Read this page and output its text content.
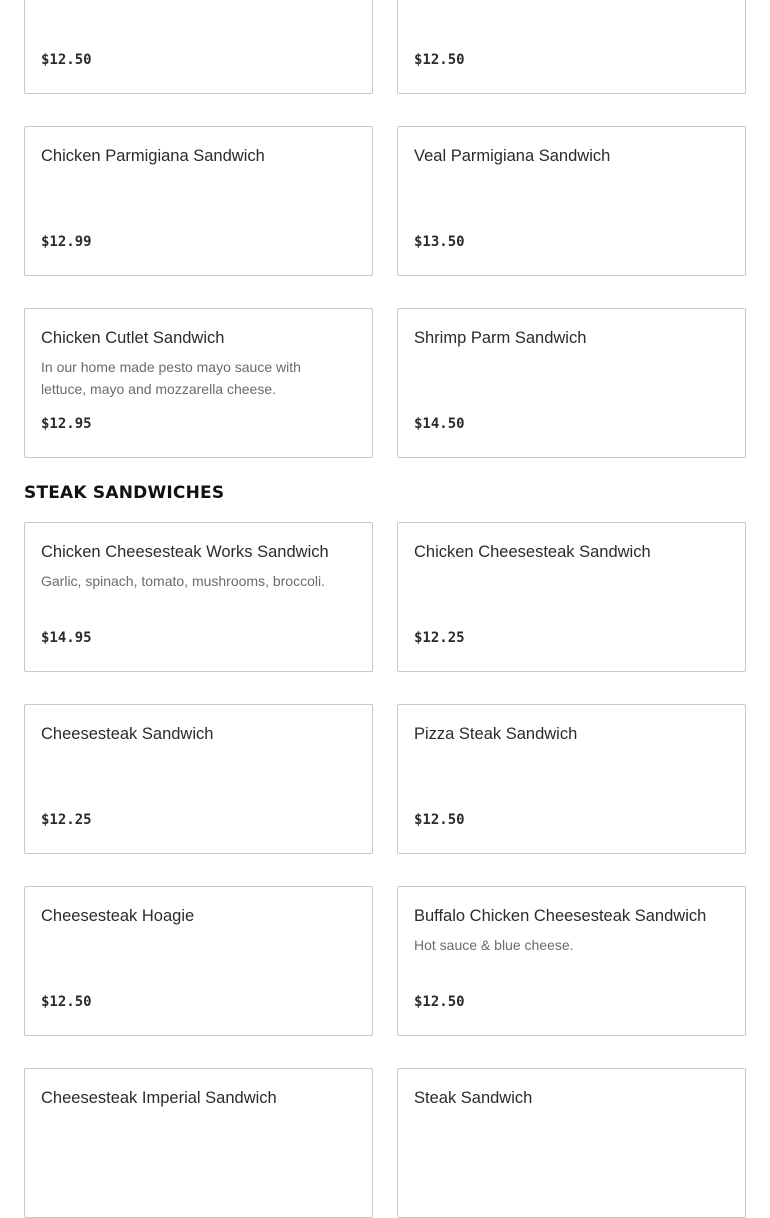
$12.50	$12.50
Chicken Parmigiana Sandwich
$12.99
Veal Parmigiana Sandwich
$13.50
Chicken Cutlet Sandwich
In our home made pesto mayo sauce with lettuce, mayo and mozzarella cheese.
$12.95
Shrimp Parm Sandwich
$14.50
STEAK SANDWICHES
Chicken Cheesesteak Works Sandwich
Garlic, spinach, tomato, mushrooms, broccoli.
$14.95
Chicken Cheesesteak Sandwich
$12.25
Cheesesteak Sandwich
$12.25
Pizza Steak Sandwich
$12.50
Cheesesteak Hoagie
$12.50
Buffalo Chicken Cheesesteak Sandwich
Hot sauce & blue cheese.
$12.50
Cheesesteak Imperial Sandwich	Steak Sandwich
